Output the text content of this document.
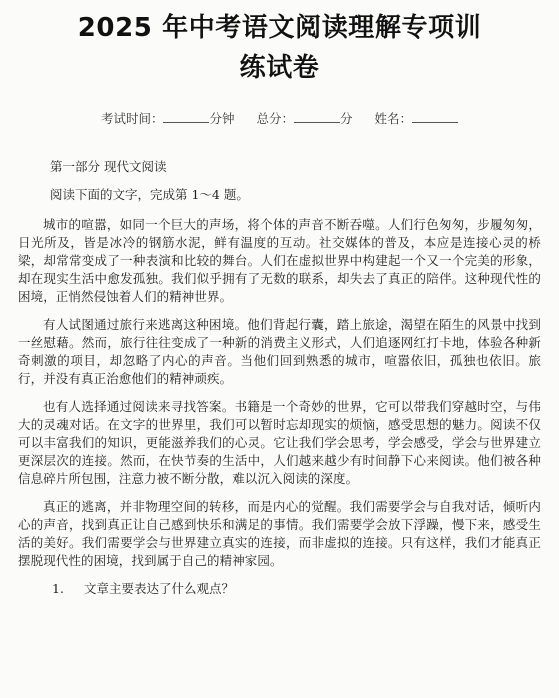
2025 年中考语文阅读理解专项训
练试卷
考试时间：	分钟 总分：	分 姓名：
第一部分 现代文阅读
阅读下面的文字，完成第 1～4 题。

城市的喧嚣，如同一个巨大的声场，将个体的声音不断吞噬。人们行色匆匆，步履匆匆，日光所及，皆是冰冷的钢筋水泥，鲜有温度的互动。社交媒体的普及，本应是连接心灵的桥梁，却常常变成了一种表演和比较的舞台。人们在虚拟世界中构建起一个又一个完美的形象，却在现实生活中愈发孤独。我们似乎拥有了无数的联系，却失去了真正的陪伴。这种现代性的困境，正悄然侵蚀着人们的精神世界。

有人试图通过旅行来逃离这种困境。他们背起行囊，踏上旅途，渴望在陌生的风景中找到一丝慰藉。然而，旅行往往变成了一种新的消费主义形式，人们追逐网红打卡地，体验各种新奇刺激的项目，却忽略了内心的声音。当他们回到熟悉的城市，喧嚣依旧，孤独也依旧。旅行，并没有真正治愈他们的精神顽疾。

也有人选择通过阅读来寻找答案。书籍是一个奇妙的世界，它可以带我们穿越时空，与伟大的灵魂对话。在文字的世界里，我们可以暂时忘却现实的烦恼，感受思想的魅力。阅读不仅可以丰富我们的知识，更能滋养我们的心灵。它让我们学会思考，学会感受，学会与世界建立更深层次的连接。然而，在快节奏的生活中，人们越来越少有时间静下心来阅读。他们被各种信息碎片所包围，注意力被不断分散，难以沉入阅读的深度。

真正的逃离，并非物理空间的转移，而是内心的觉醒。我们需要学会与自我对话，倾听内心的声音，找到真正让自己感到快乐和满足的事情。我们需要学会放下浮躁，慢下来，感受生活的美好。我们需要学会与世界建立真实的连接，而非虚拟的连接。只有这样，我们才能真正摆脱现代性的困境，找到属于自己的精神家园。

1.	文章主要表达了什么观点？
